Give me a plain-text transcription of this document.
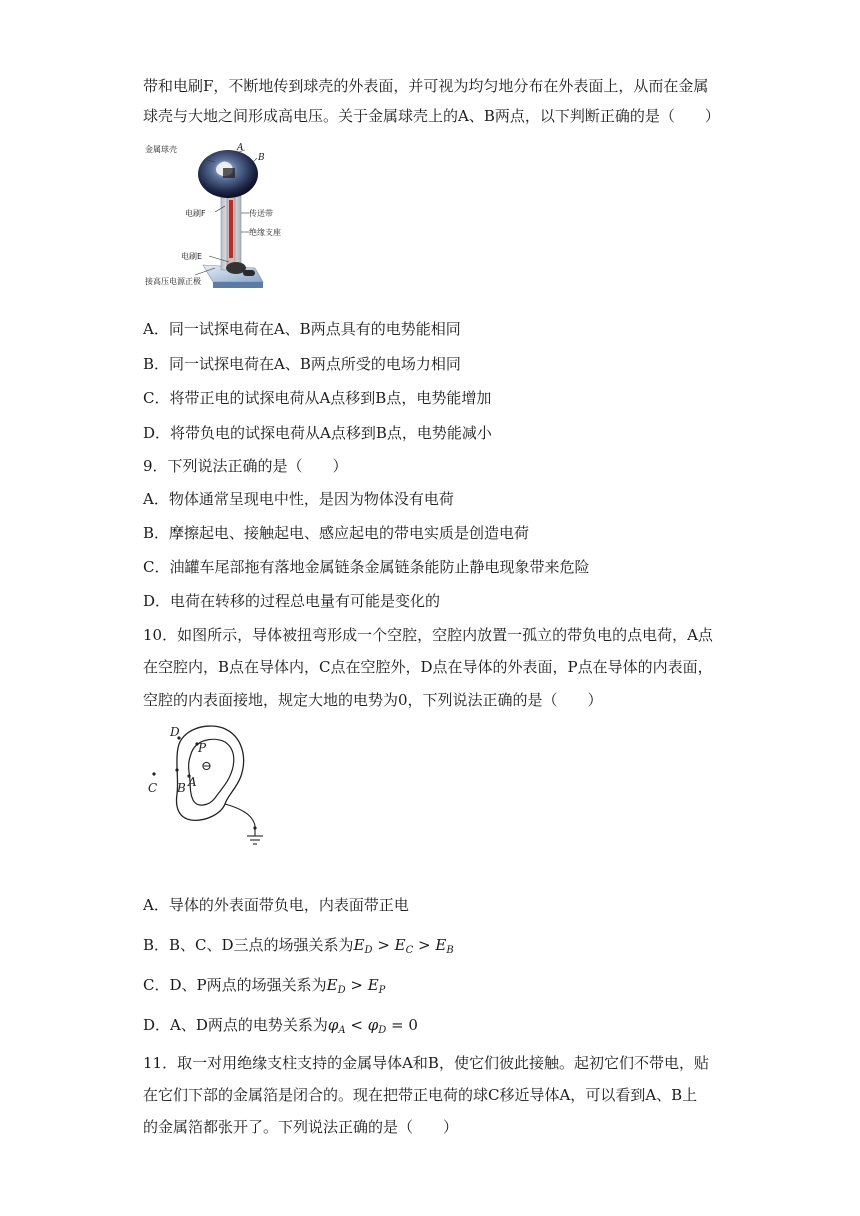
带和电刷F，不断地传到球壳的外表面，并可视为均匀地分布在外表面上，从而在金属
球壳与大地之间形成高电压。关于金属球壳上的A、B两点，以下判断正确的是（　　）
金属球壳	A
B
电刷F	传送带
绝缘支座
电刷E
接高压电源正极
A．同一试探电荷在A、B两点具有的电势能相同
B．同一试探电荷在A、B两点所受的电场力相同
C．将带正电的试探电荷从A点移到B点，电势能增加
D．将带负电的试探电荷从A点移到B点，电势能减小
9．下列说法正确的是（　　）
A．物体通常呈现电中性，是因为物体没有电荷
B．摩擦起电、接触起电、感应起电的带电实质是创造电荷
C．油罐车尾部拖有落地金属链条金属链条能防止静电现象带来危险
D．电荷在转移的过程总电量有可能是变化的
10．如图所示，导体被扭弯形成一个空腔，空腔内放置一孤立的带负电的点电荷，A点
在空腔内，B点在导体内，C点在空腔外，D点在导体的外表面，P点在导体的内表面，
空腔的内表面接地，规定大地的电势为0，下列说法正确的是（　　）
⊖
D
P
C B A
A．导体的外表面带负电，内表面带正电
B．B、C、D三点的场强关系为$E_D > E_C > E_B$
C．D、P两点的场强关系为$E_D > E_P$
D．A、D两点的电势关系为$\varphi_A < \varphi_D = 0$
11．取一对用绝缘支柱支持的金属导体A和B，使它们彼此接触。起初它们不带电，贴
在它们下部的金属箔是闭合的。现在把带正电荷的球C移近导体A，可以看到A、B上
的金属箔都张开了。下列说法正确的是（　　）
